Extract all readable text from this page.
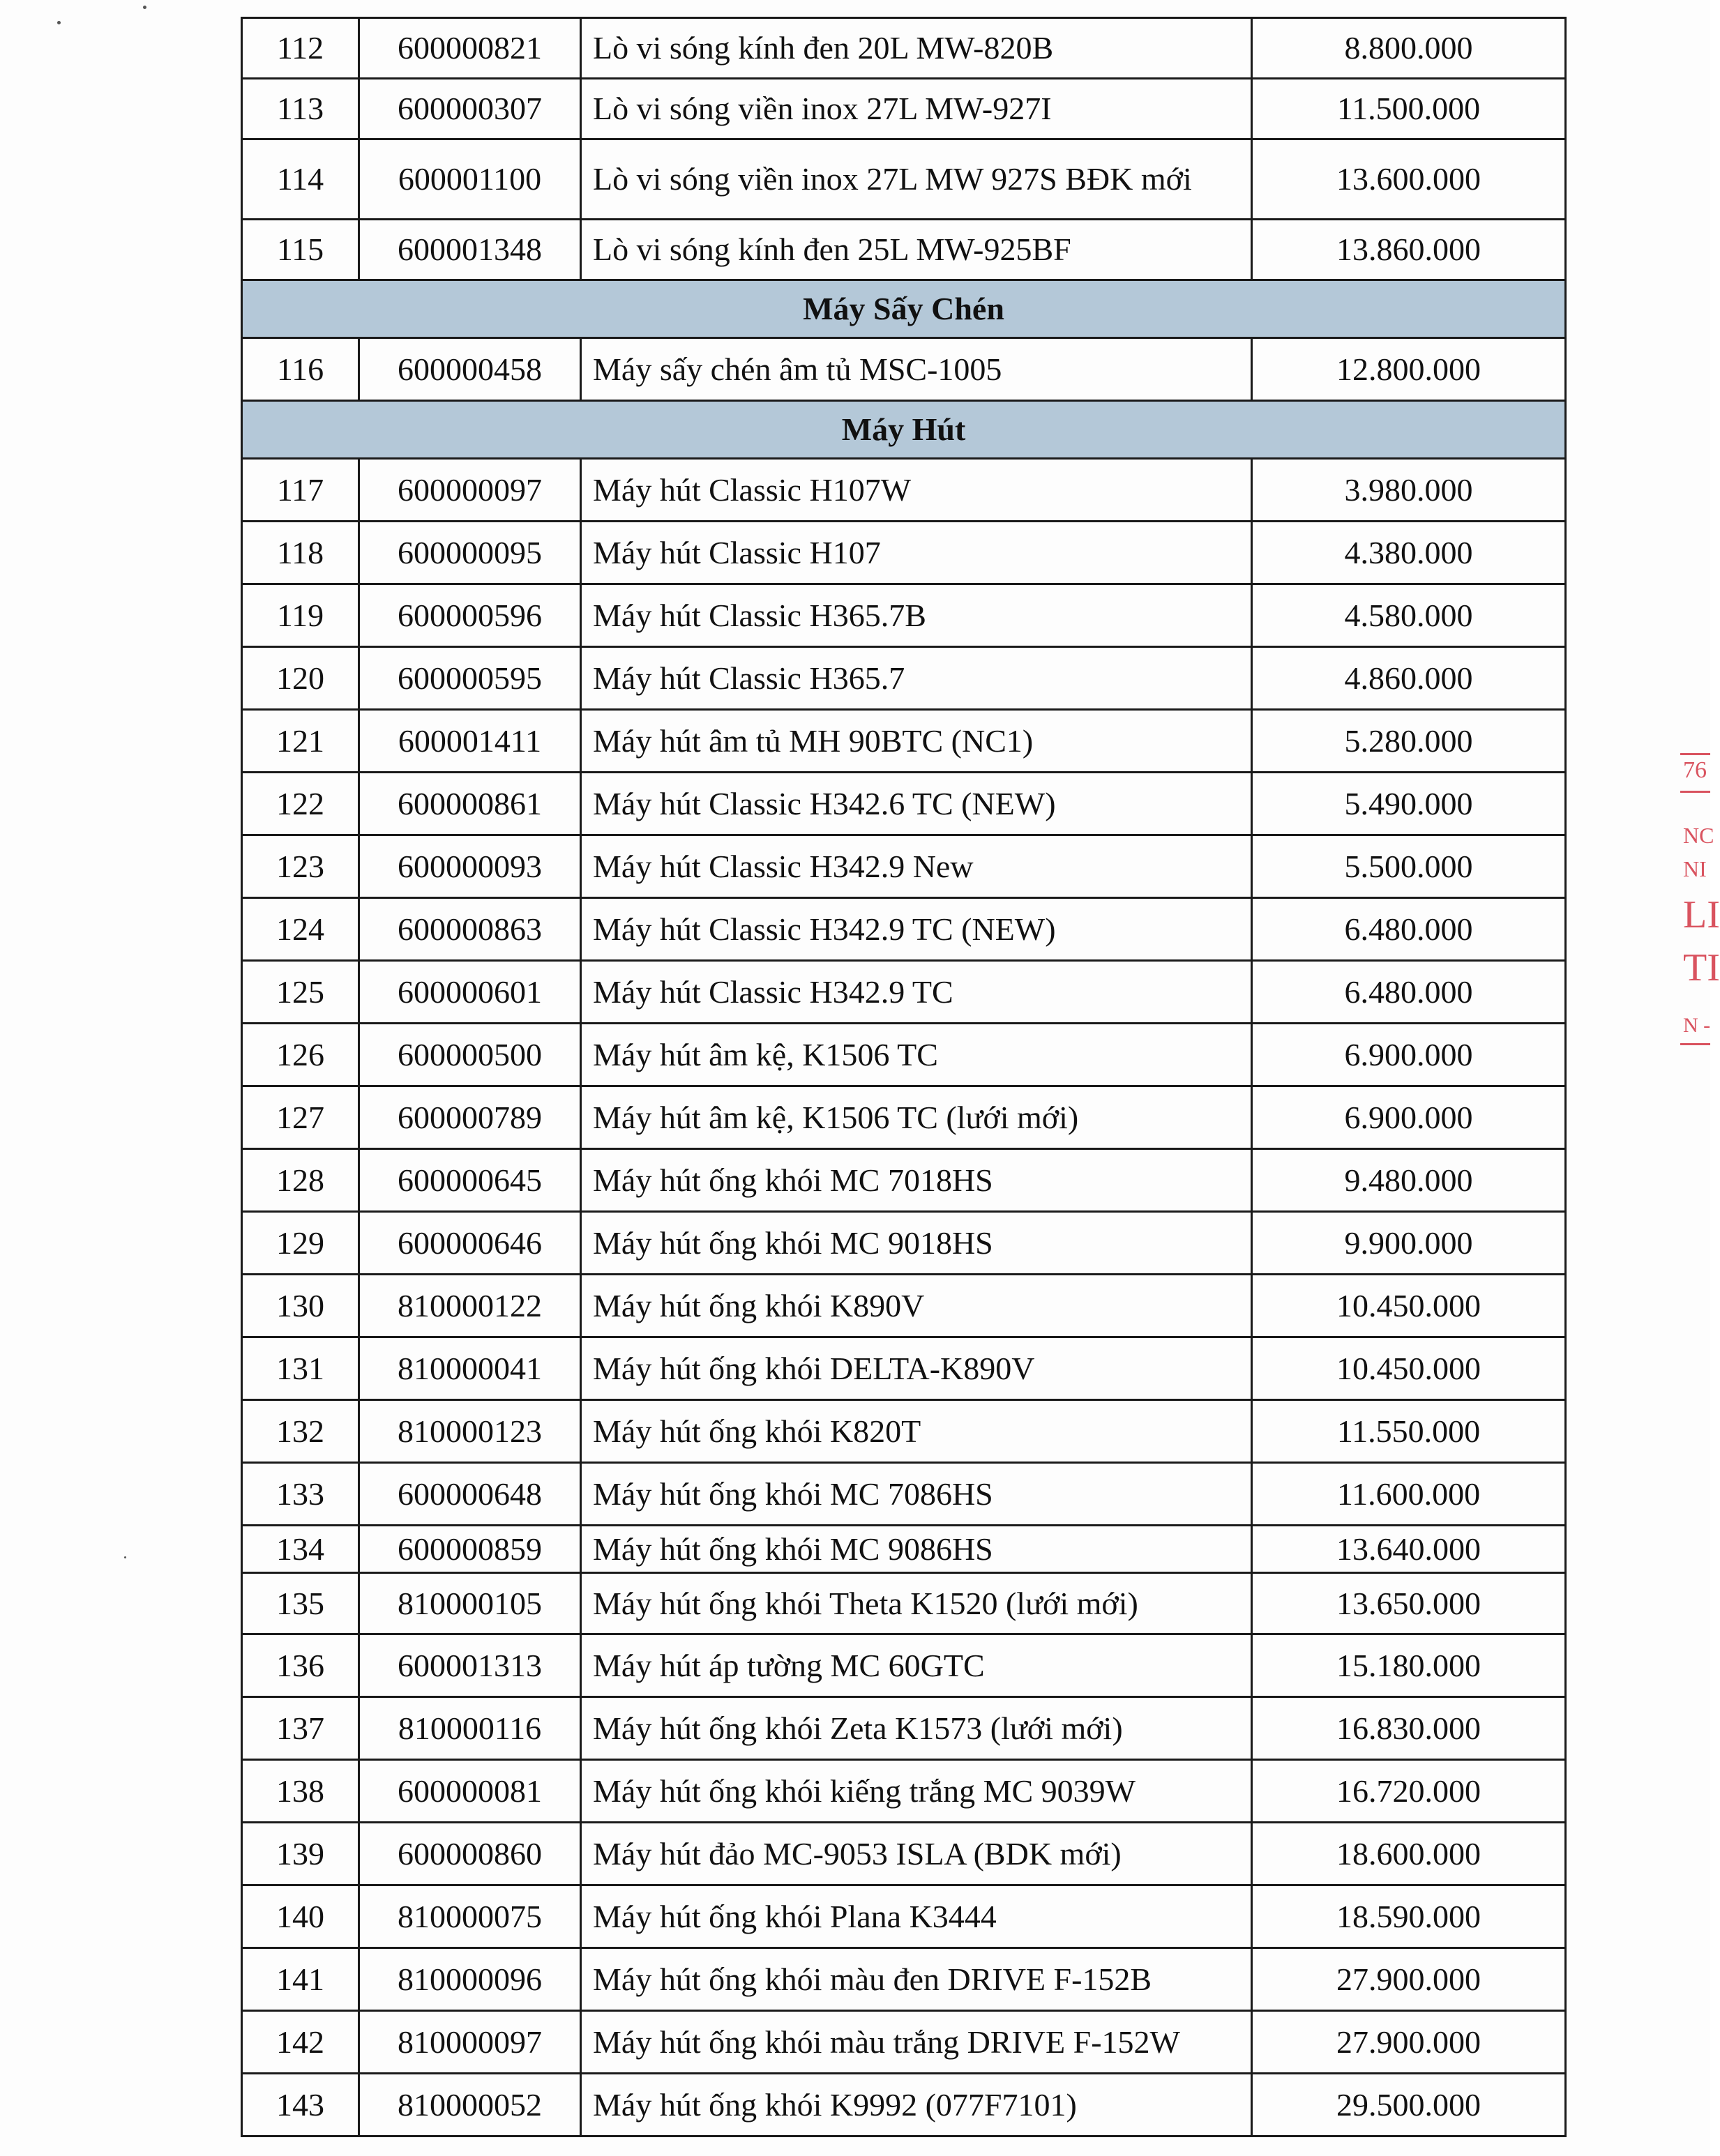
112	600000821	Lò vi sóng kính đen 20L MW-820B	8.800.000
113	600000307	Lò vi sóng viền inox 27L MW-927I	11.500.000
114	600001100	Lò vi sóng viền inox 27L MW 927S BĐK mới	13.600.000
115	600001348	Lò vi sóng kính đen 25L MW-925BF	13.860.000
Máy Sấy Chén			
116	600000458	Máy sấy chén âm tủ MSC-1005	12.800.000
Máy Hút			
117	600000097	Máy hút Classic H107W	3.980.000
118	600000095	Máy hút Classic H107	4.380.000
119	600000596	Máy hút Classic H365.7B	4.580.000
120	600000595	Máy hút Classic H365.7	4.860.000
121	600001411	Máy hút âm tủ MH 90BTC (NC1)	5.280.000
122	600000861	Máy hút Classic H342.6 TC (NEW)	5.490.000
123	600000093	Máy hút Classic H342.9 New	5.500.000
124	600000863	Máy hút Classic H342.9 TC (NEW)	6.480.000
125	600000601	Máy hút Classic H342.9 TC	6.480.000
126	600000500	Máy hút âm kệ, K1506 TC	6.900.000
127	600000789	Máy hút âm kệ, K1506 TC (lưới mới)	6.900.000
128	600000645	Máy hút ống khói MC 7018HS	9.480.000
129	600000646	Máy hút ống khói MC 9018HS	9.900.000
130	810000122	Máy hút ống khói K890V	10.450.000
131	810000041	Máy hút ống khói DELTA-K890V	10.450.000
132	810000123	Máy hút ống khói K820T	11.550.000
133	600000648	Máy hút ống khói MC 7086HS	11.600.000
134	600000859	Máy hút ống khói MC 9086HS	13.640.000
135	810000105	Máy hút ống khói Theta K1520 (lưới mới)	13.650.000
136	600001313	Máy hút áp tường MC 60GTC	15.180.000
137	810000116	Máy hút ống khói Zeta K1573 (lưới mới)	16.830.000
138	600000081	Máy hút ống khói kiếng trắng MC 9039W	16.720.000
139	600000860	Máy hút đảo MC-9053 ISLA (BDK mới)	18.600.000
140	810000075	Máy hút ống khói Plana K3444	18.590.000
141	810000096	Máy hút ống khói màu đen DRIVE F-152B	27.900.000
142	810000097	Máy hút ống khói màu trắng DRIVE F-152W	27.900.000
143	810000052	Máy hút ống khói K9992 (077F7101)	29.500.000
76
NC
NI
LI
TI
N -
